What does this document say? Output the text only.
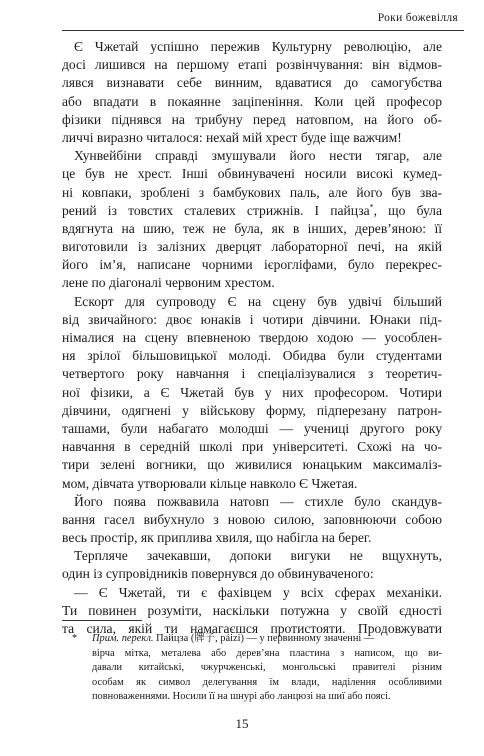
Роки божевілля
Є Чжетай успішно пережив Культурну революцію, але
досі лишився на першому етапі розвінчування: він відмов-
лявся визнавати себе винним, вдаватися до самогубства
або впадати в покаянне заціпеніння. Коли цей професор
фізики піднявся на трибуну перед натовпом, на його об-
личчі виразно читалося: нехай мій хрест буде іще важчим!
Хунвейбіни справді змушували його нести тягар, але
це був не хрест. Інші обвинувачені носили високі кумед-
ні ковпаки, зроблені з бамбукових паль, але його був зва-
рений із товстих сталевих стрижнів. І пайцза*, що була
вдягнута на шию, теж не була, як в інших, дерев’яною: її
виготовили із залізних дверцят лабораторної печі, на якій
його ім’я, написане чорними ієрогліфами, було перекрес-
лене по діагоналі червоним хрестом.
Ескорт для супроводу Є на сцену був удвічі більший
від звичайного: двоє юнаків і чотири дівчини. Юнаки під-
німалися на сцену впевненою твердою ходою — уособлен-
ня зрілої більшовицької молоді. Обидва були студентами
четвертого року навчання і спеціалізувалися з теоретич-
ної фізики, а Є Чжетай був у них професором. Чотири
дівчини, одягнені у військову форму, підперезану патрон-
ташами, були набагато молодші — учениці другого року
навчання в середній школі при університеті. Схожі на чо-
тири зелені вогники, що живилися юнацьким максималіз-
мом, дівчата утворювали кільце навколо Є Чжетая.
Його поява пожвавила натовп — стихле було скандув-
вання гасел вибухнуло з новою силою, заповнюючи собою
весь простір, як приплива хвиля, що набігла на берег.
Терпляче зачекавши, допоки вигуки не вщухнуть,
один із супровідників повернувся до обвинуваченого:
— Є Чжетай, ти є фахівцем у всіх сферах механіки.
Ти повинен розуміти, наскільки потужна у своїй єдності
та сила, якій ти намагаєшся протистояти. Продовжувати
* Прим. перекл. Пайцза (牌子, páizi) — у первинному значенні —
вірча мітка, металева або дерев’яна пластина з написом, що ви-
давали китайські, чжурчженські, монгольські правителі різним
особам як символ делегування їм влади, наділення особливими
повноваженнями. Носили її на шнурі або ланцюзі на шиї або поясі.
15
